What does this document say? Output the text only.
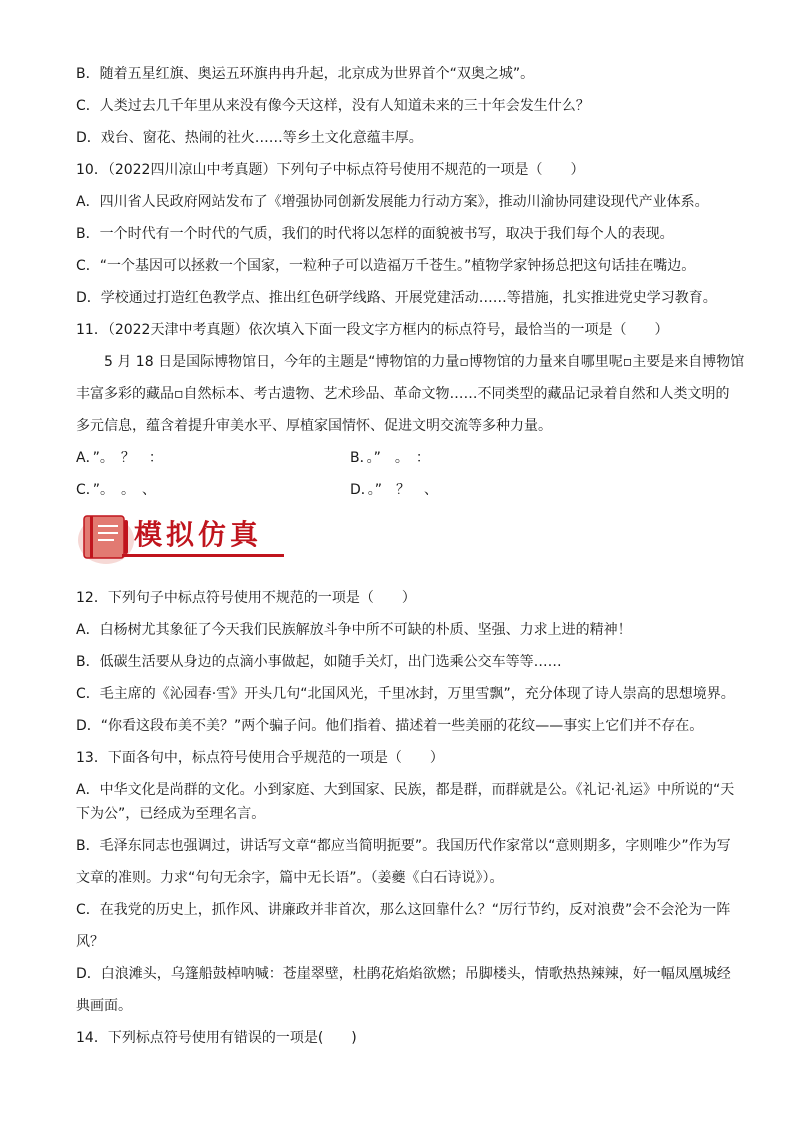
B．随着五星红旗、奥运五环旗冉冉升起，北京成为世界首个“双奥之城”。
C．人类过去几千年里从来没有像今天这样，没有人知道未来的三十年会发生什么？
D．戏台、窗花、热闹的社火……等乡土文化意蕴丰厚。
10．（2022四川凉山中考真题）下列句子中标点符号使用不规范的一项是（　　）
A．四川省人民政府网站发布了《增强协同创新发展能力行动方案》，推动川渝协同建设现代产业体系。
B．一个时代有一个时代的气质，我们的时代将以怎样的面貌被书写，取决于我们每个人的表现。
C．“一个基因可以拯救一个国家，一粒种子可以造福万千苍生。”植物学家钟扬总把这句话挂在嘴边。
D．学校通过打造红色教学点、推出红色研学线路、开展党建活动……等措施，扎实推进党史学习教育。
11．（2022天津中考真题）依次填入下面一段文字方框内的标点符号，最恰当的一项是（　　）
5 月 18 日是国际博物馆日，今年的主题是“博物馆的力量▫博物馆的力量来自哪里呢▫主要是来自博物馆
丰富多彩的藏品▫自然标本、考古遗物、艺术珍品、革命文物……不同类型的藏品记录着自然和人类文明的
多元信息，蕴含着提升审美水平、厚植家国情怀、促进文明交流等多种力量。
A．”。　？　：	B．。”　。　：
C．”。　。　、	D．。”　？　、
模拟仿真
12．下列句子中标点符号使用不规范的一项是（　　）
A．白杨树尤其象征了今天我们民族解放斗争中所不可缺的朴质、坚强、力求上进的精神！
B．低碳生活要从身边的点滴小事做起，如随手关灯，出门选乘公交车等等……
C．毛主席的《沁园春·雪》开头几句“北国风光，千里冰封，万里雪飘”，充分体现了诗人崇高的思想境界。
D．“你看这段布美不美？”两个骗子问。他们指着、描述着一些美丽的花纹——事实上它们并不存在。
13．下面各句中，标点符号使用合乎规范的一项是（　　）
A．中华文化是尚群的文化。小到家庭、大到国家、民族，都是群，而群就是公。《礼记·礼运》中所说的“天
下为公”，已经成为至理名言。
B．毛泽东同志也强调过，讲话写文章“都应当简明扼要”。我国历代作家常以“意则期多，字则唯少”作为写
文章的准则。力求“句句无余字，篇中无长语”。（姜夔《白石诗说》）。
C．在我党的历史上，抓作风、讲廉政并非首次，那么这回靠什么？“厉行节约，反对浪费”会不会沦为一阵
风？
D．白浪滩头，乌篷船鼓棹呐喊：苍崖翠壁，杜鹃花焰焰欲燃；吊脚楼头，情歌热热辣辣，好一幅凤凰城经
典画面。
14．下列标点符号使用有错误的一项是(　　)
